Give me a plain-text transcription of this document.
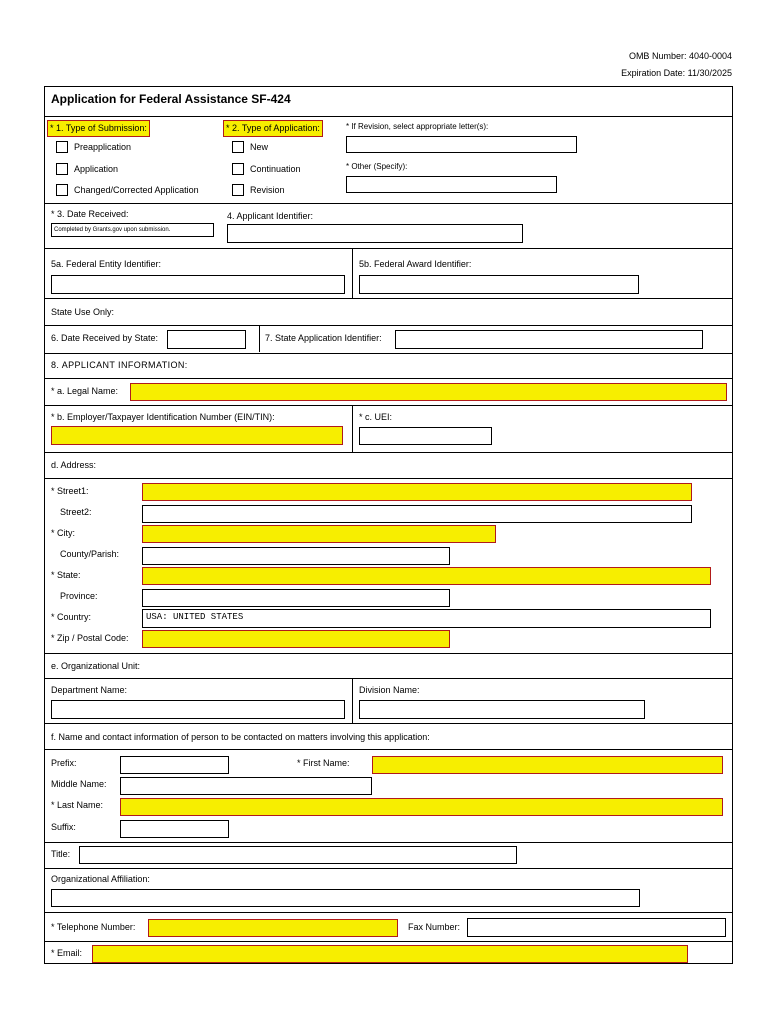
OMB Number: 4040-0004
Expiration Date: 11/30/2025
Application for Federal Assistance SF-424
* 1. Type of Submission:
Preapplication
Application
Changed/Corrected Application
* 2. Type of Application:
New
Continuation
Revision
* If Revision, select appropriate letter(s):
* Other (Specify):
* 3. Date Received:
Completed by Grants.gov upon submission.
4. Applicant Identifier:
5a. Federal Entity Identifier:	5b. Federal Award Identifier:
State Use Only:
6. Date Received by State:	7. State Application Identifier:
8. APPLICANT INFORMATION:
* a. Legal Name:
* b. Employer/Taxpayer Identification Number (EIN/TIN):	* c. UEI:
d. Address:
* Street1:
Street2:
* City:
County/Parish:
* State:
Province:
* Country:	USA: UNITED STATES
* Zip / Postal Code:
e. Organizational Unit:
Department Name:	Division Name:
f. Name and contact information of person to be contacted on matters involving this application:
Prefix:	* First Name:
Middle Name:
* Last Name:
Suffix:
Title:
Organizational Affiliation:
* Telephone Number:	Fax Number:
* Email:
